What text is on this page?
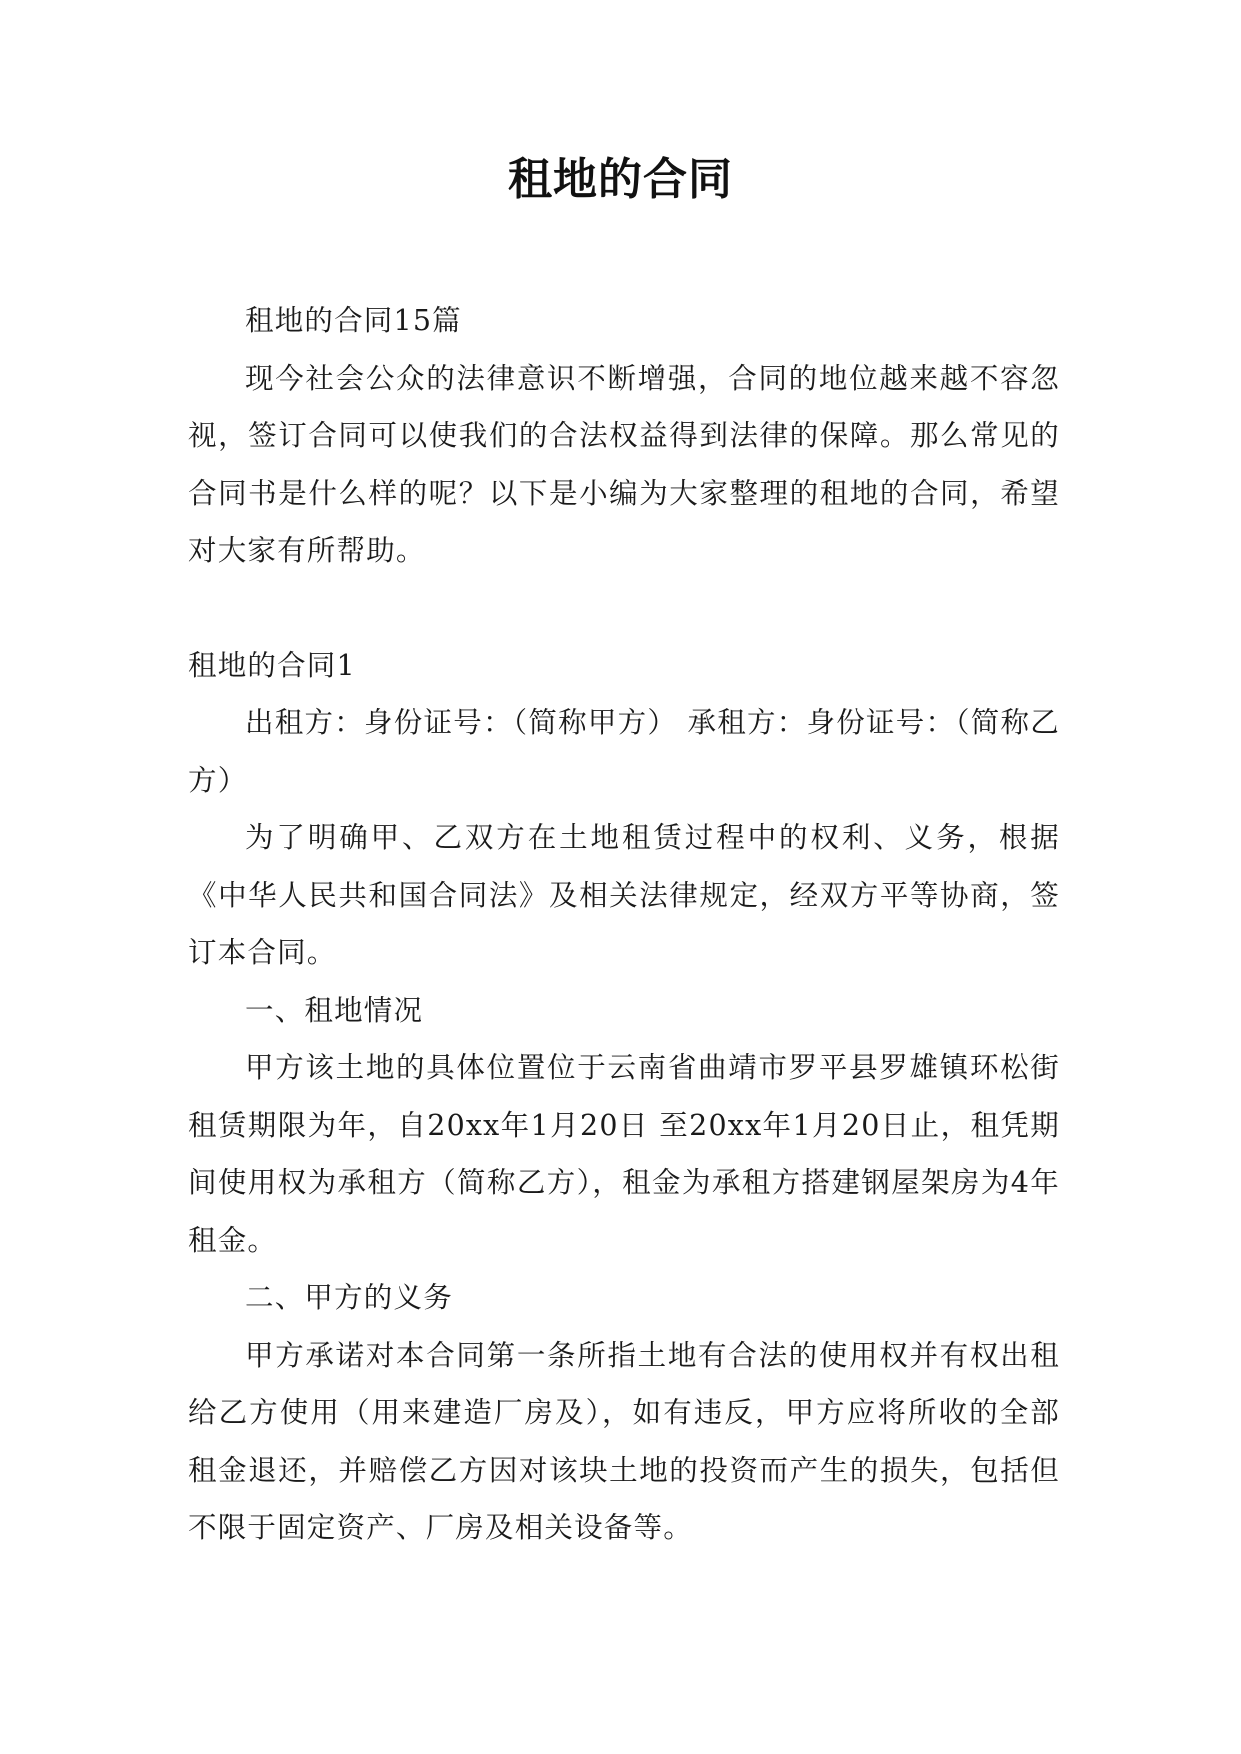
租地的合同

租地的合同15篇

现今社会公众的法律意识不断增强，合同的地位越来越不容忽视，签订合同可以使我们的合法权益得到法律的保障。那么常见的合同书是什么样的呢？以下是小编为大家整理的租地的合同，希望对大家有所帮助。

租地的合同1

出租方：身份证号：（简称甲方） 承租方：身份证号：（简称乙方）

为了明确甲、乙双方在土地租赁过程中的权利、义务，根据《中华人民共和国合同法》及相关法律规定，经双方平等协商，签订本合同。

一、租地情况

甲方该土地的具体位置位于云南省曲靖市罗平县罗雄镇环松街租赁期限为年，自20xx年1月20日 至20xx年1月20日止，租凭期间使用权为承租方（简称乙方），租金为承租方搭建钢屋架房为4年租金。

二、甲方的义务

甲方承诺对本合同第一条所指土地有合法的使用权并有权出租给乙方使用（用来建造厂房及），如有违反，甲方应将所收的全部租金退还，并赔偿乙方因对该块土地的投资而产生的损失，包括但不限于固定资产、厂房及相关设备等。
